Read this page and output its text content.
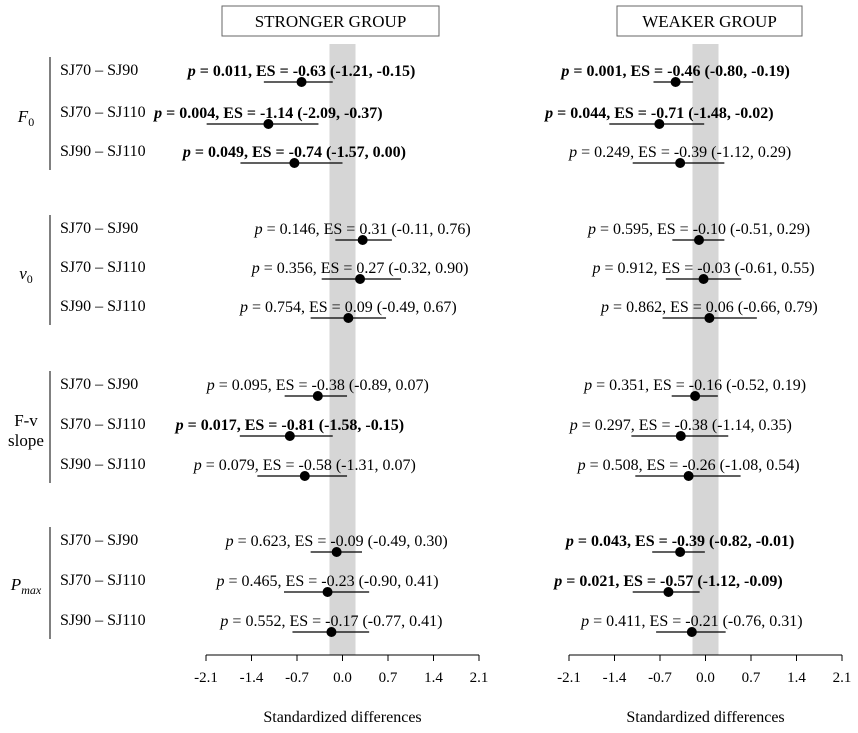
STRONGER GROUP
-2.1 -1.4 -0.7 0.0 0.7 1.4 2.1
Standardized differences
p = 0.011, ES = -0.63 (-1.21, -0.15)
p = 0.004, ES = -1.14 (-2.09, -0.37)
p = 0.049, ES = -0.74 (-1.57, 0.00)
p = 0.146, ES = 0.31 (-0.11, 0.76)
p = 0.356, ES = 0.27 (-0.32, 0.90)
p = 0.754, ES = 0.09 (-0.49, 0.67)
p = 0.095, ES = -0.38 (-0.89, 0.07)
p = 0.017, ES = -0.81 (-1.58, -0.15)
p = 0.079, ES = -0.58 (-1.31, 0.07)
p = 0.623, ES = -0.09 (-0.49, 0.30)
p = 0.465, ES = -0.23 (-0.90, 0.41)
p = 0.552, ES = -0.17 (-0.77, 0.41)
WEAKER GROUP
-2.1 -1.4 -0.7 0.0 0.7 1.4 2.1
Standardized differences
p = 0.001, ES = -0.46 (-0.80, -0.19)
p = 0.044, ES = -0.71 (-1.48, -0.02)
p = 0.249, ES = -0.39 (-1.12, 0.29)
p = 0.595, ES = -0.10 (-0.51, 0.29)
p = 0.912, ES = -0.03 (-0.61, 0.55)
p = 0.862, ES = 0.06 (-0.66, 0.79)
p = 0.351, ES = -0.16 (-0.52, 0.19)
p = 0.297, ES = -0.38 (-1.14, 0.35)
p = 0.508, ES = -0.26 (-1.08, 0.54)
p = 0.043, ES = -0.39 (-0.82, -0.01)
p = 0.021, ES = -0.57 (-1.12, -0.09)
p = 0.411, ES = -0.21 (-0.76, 0.31)
SJ70 – SJ90
SJ70 – SJ110
SJ90 – SJ110
SJ70 – SJ90
SJ70 – SJ110
SJ90 – SJ110
SJ70 – SJ90
SJ70 – SJ110
SJ90 – SJ110
SJ70 – SJ90
SJ70 – SJ110
SJ90 – SJ110
$F_0$
$v_0$
F-v slope
$P_{max}$
